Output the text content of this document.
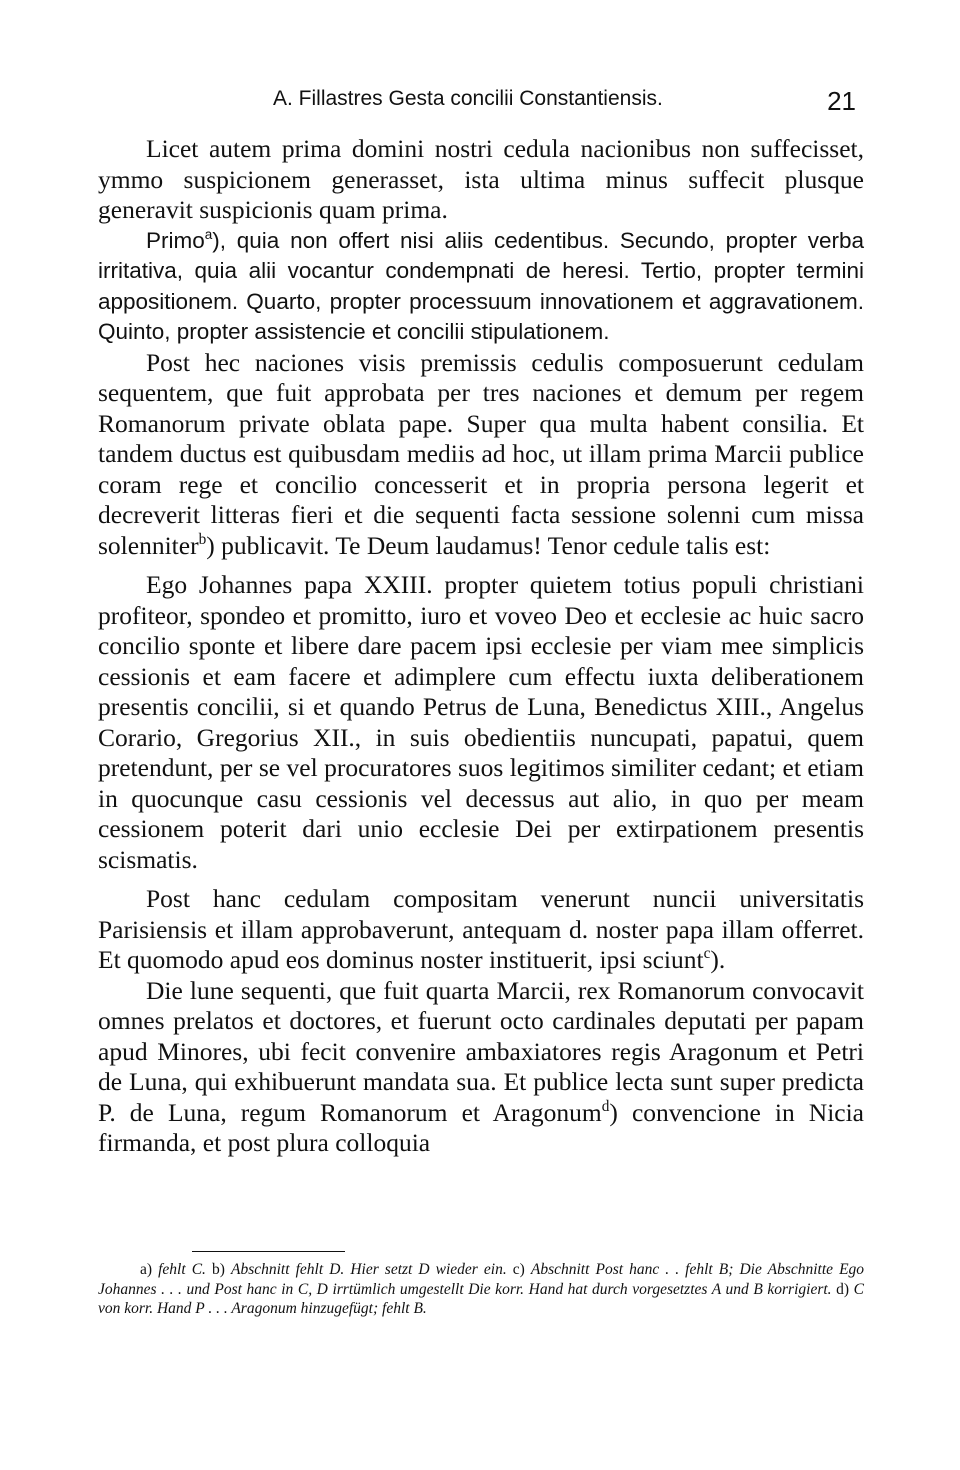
A. Fillastres Gesta concilii Constantiensis.	21

Licet autem prima domini nostri cedula nacionibus non suffecisset, ymmo suspicionem generasset, ista ultima minus suffecit plusque generavit suspicionis quam prima.

Primo$^a$), quia non offert nisi aliis cedentibus. Secundo, propter verba irritativa, quia alii vocantur condempnati de heresi. Tertio, propter termini appositionem. Quarto, propter processuum innovationem et aggravationem. Quinto, propter assistencie et concilii stipulationem.

Post hec naciones visis premissis cedulis composuerunt cedulam sequentem, que fuit approbata per tres naciones et demum per regem Romanorum private oblata pape. Super qua multa habent consilia. Et tandem ductus est quibusdam mediis ad hoc, ut illam prima Marcii publice coram rege et concilio concesserit et in propria persona legerit et decreverit litteras fieri et die sequenti facta sessione solenni cum missa solenniter$^b$) publicavit. Te Deum laudamus! Tenor cedule talis est:

Ego Johannes papa XXIII. propter quietem totius populi christiani profiteor, spondeo et promitto, iuro et voveo Deo et ecclesie ac huic sacro concilio sponte et libere dare pacem ipsi ecclesie per viam mee simplicis cessionis et eam facere et adimplere cum effectu iuxta deliberationem presentis concilii, si et quando Petrus de Luna, Benedictus XIII., Angelus Corario, Gregorius XII., in suis obedientiis nuncupati, papatui, quem pretendunt, per se vel procuratores suos legitimos similiter cedant; et etiam in quocunque casu cessionis vel decessus aut alio, in quo per meam cessionem poterit dari unio ecclesie Dei per extirpationem presentis scismatis.

Post hanc cedulam compositam venerunt nuncii universitatis Parisiensis et illam approbaverunt, antequam d. noster papa illam offerret. Et quomodo apud eos dominus noster instituerit, ipsi sciunt$^c$).

Die lune sequenti, que fuit quarta Marcii, rex Romanorum convocavit omnes prelatos et doctores, et fuerunt octo cardinales deputati per papam apud Minores, ubi fecit convenire ambaxiatores regis Aragonum et Petri de Luna, qui exhibuerunt mandata sua. Et publice lecta sunt super predicta P. de Luna, regum Romanorum et Aragonum$^d$) convencione in Nicia firmanda, et post plura colloquia

a) fehlt C. b) Abschnitt fehlt D. Hier setzt D wieder ein. c) Abschnitt Post hanc . . fehlt B; Die Abschnitte Ego Johannes . . . und Post hanc in C, D irrtümlich umgestellt Die korr. Hand hat durch vorgesetztes A und B korrigiert. d) C von korr. Hand P . . . Aragonum hinzugefügt; fehlt B.
